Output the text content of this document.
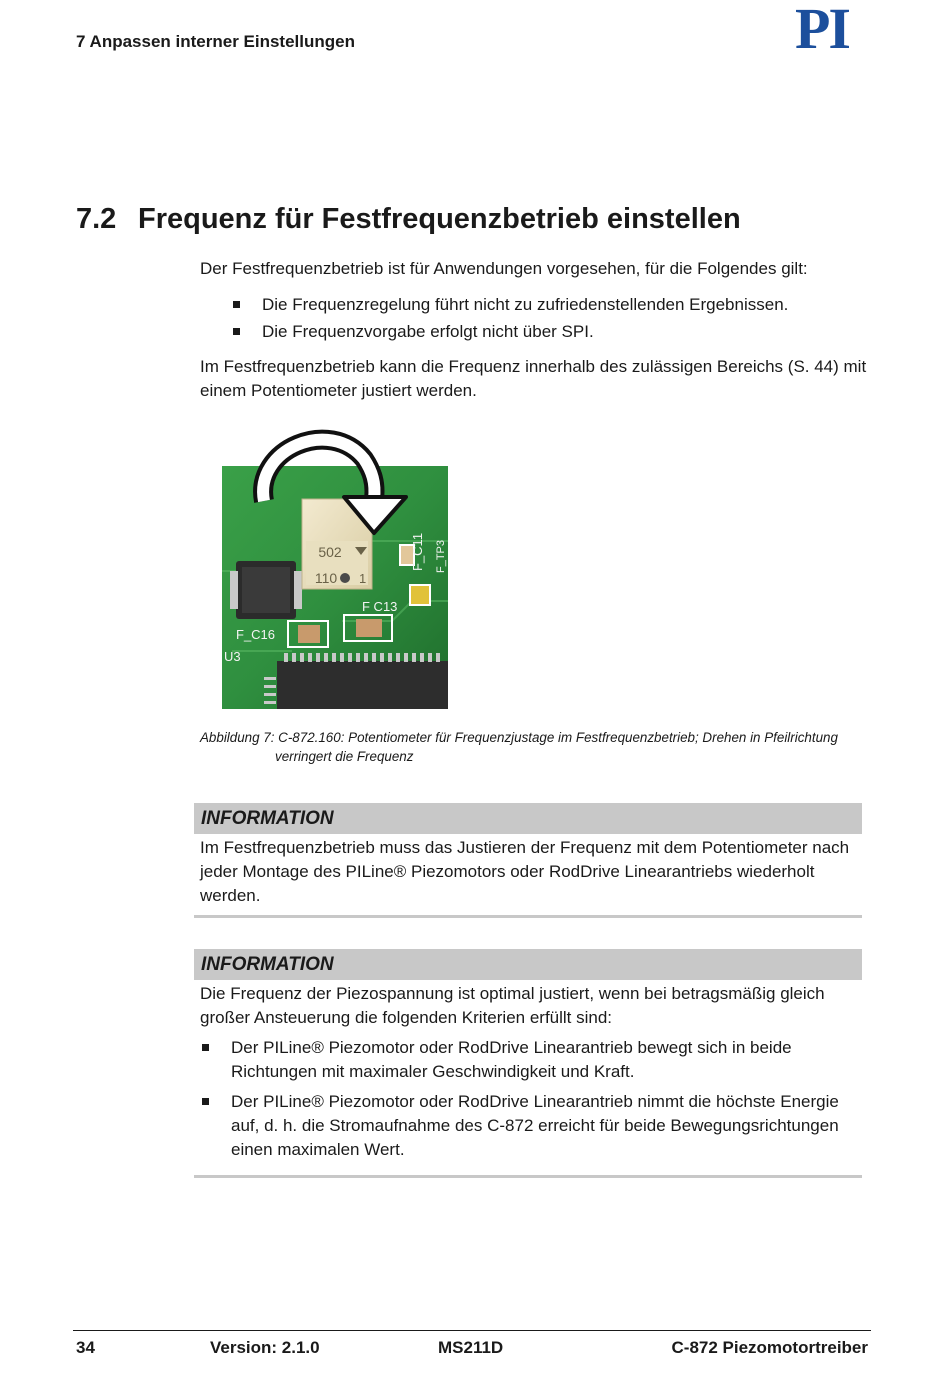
7 Anpassen interner Einstellungen	PI
7.2 Frequenz für Festfrequenzbetrieb einstellen
Der Festfrequenzbetrieb ist für Anwendungen vorgesehen, für die Folgendes gilt:
Die Frequenzregelung führt nicht zu zufriedenstellenden Ergebnissen.
Die Frequenzvorgabe erfolgt nicht über SPI.
Im Festfrequenzbetrieb kann die Frequenz innerhalb des zulässigen Bereichs (S. 44) mit einem Potentiometer justiert werden.
502
110 1
F_C11 F_TP3
F C13
F_C16
U3
Abbildung 7: C-872.160: Potentiometer für Frequenzjustage im Festfrequenzbetrieb; Drehen in Pfeilrichtung
verringert die Frequenz
INFORMATION
Im Festfrequenzbetrieb muss das Justieren der Frequenz mit dem Potentiometer nach jeder Montage des PILine® Piezomotors oder RodDrive Linearantriebs wiederholt werden.
INFORMATION
Die Frequenz der Piezospannung ist optimal justiert, wenn bei betragsmäßig gleich großer Ansteuerung die folgenden Kriterien erfüllt sind:
Der PILine® Piezomotor oder RodDrive Linearantrieb bewegt sich in beide Richtungen mit maximaler Geschwindigkeit und Kraft.
Der PILine® Piezomotor oder RodDrive Linearantrieb nimmt die höchste Energie auf, d. h. die Stromaufnahme des C-872 erreicht für beide Bewegungsrichtungen einen maximalen Wert.
34	Version: 2.1.0	MS211D	C-872 Piezomotortreiber
